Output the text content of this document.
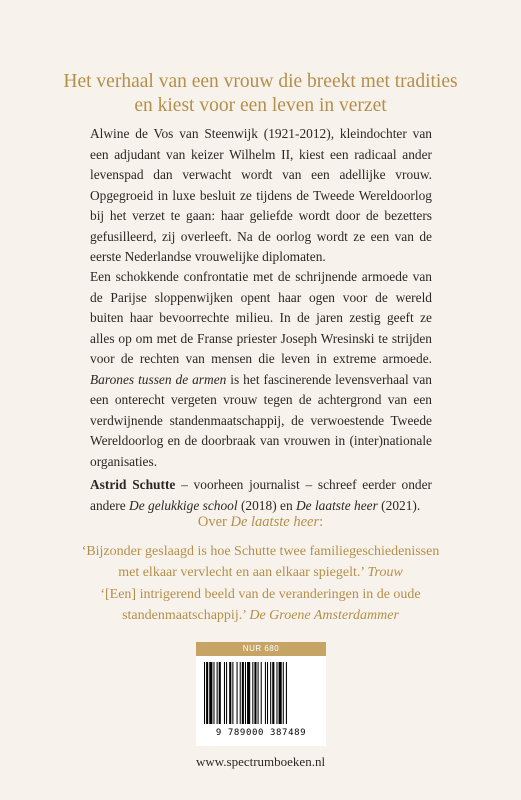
Het verhaal van een vrouw die breekt met tradities
en kiest voor een leven in verzet
Alwine de Vos van Steenwijk (1921-2012), kleindochter van een adjudant van keizer Wilhelm II, kiest een radicaal ander levenspad dan verwacht wordt van een adellijke vrouw. Opgegroeid in luxe besluit ze tijdens de Tweede Wereldoorlog bij het verzet te gaan: haar geliefde wordt door de bezetters gefusilleerd, zij overleeft. Na de oorlog wordt ze een van de eerste Nederlandse vrouwelijke diplomaten.
Een schokkende confrontatie met de schrijnende armoede van de Parijse sloppenwijken opent haar ogen voor de wereld buiten haar bevoorrechte milieu. In de jaren zestig geeft ze alles op om met de Franse priester Joseph Wresinski te strijden voor de rechten van mensen die leven in extreme armoede. Barones tussen de armen is het fascinerende levensverhaal van een onterecht vergeten vrouw tegen de achtergrond van een verdwijnende standenmaatschappij, de verwoestende Tweede Wereldoorlog en de doorbraak van vrouwen in (inter)nationale organisaties.
Astrid Schutte – voorheen journalist – schreef eerder onder andere De gelukkige school (2018) en De laatste heer (2021).
Over De laatste heer:
‘Bijzonder geslaagd is hoe Schutte twee familiegeschiedenissen met elkaar vervlecht en aan elkaar spiegelt.’ Trouw
‘[Een] intrigerend beeld van de veranderingen in de oude standenmaatschappij.’ De Groene Amsterdammer
NUR 680
9 789000 387489
www.spectrumboeken.nl
